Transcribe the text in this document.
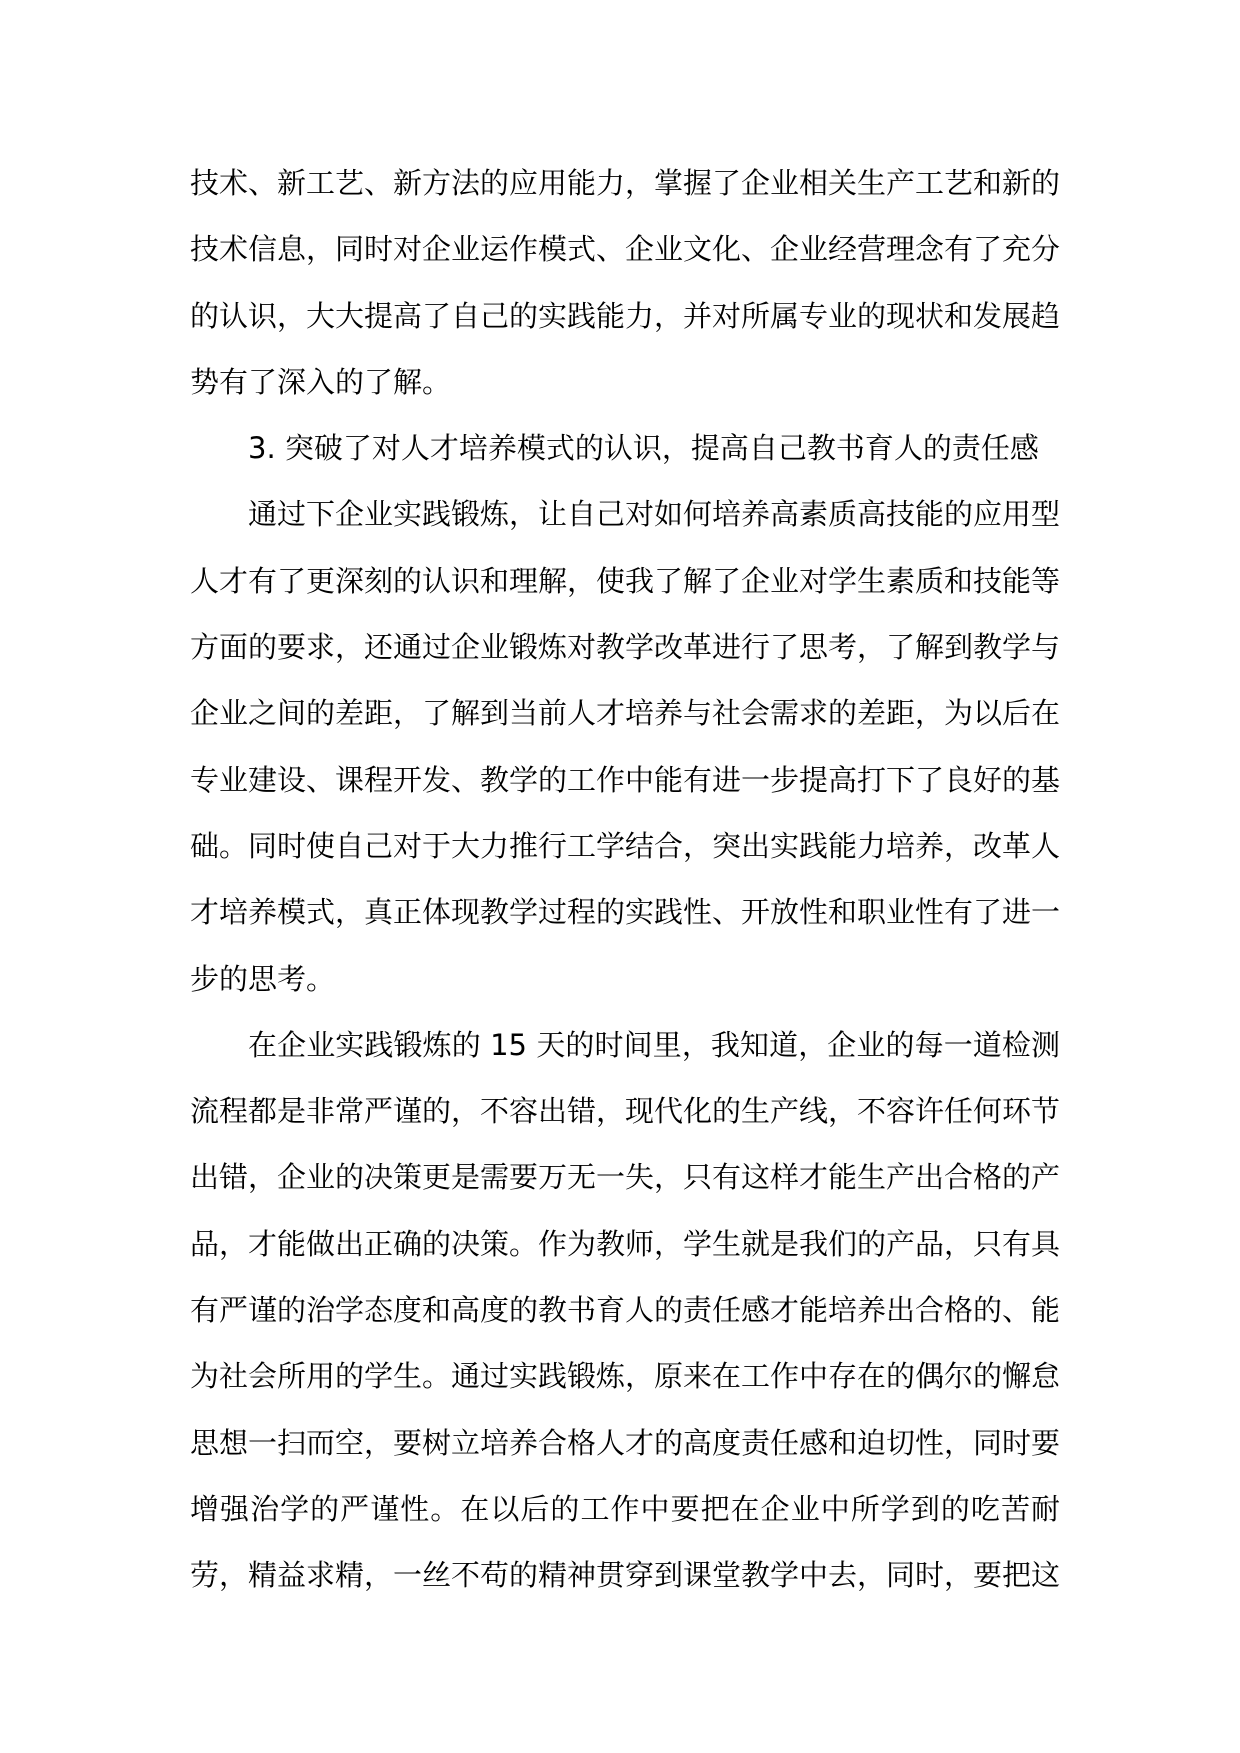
技术、新工艺、新方法的应用能力，掌握了企业相关生产工艺和新的
技术信息，同时对企业运作模式、企业文化、企业经营理念有了充分
的认识，大大提高了自己的实践能力，并对所属专业的现状和发展趋
势有了深入的了解。
3. 突破了对人才培养模式的认识，提高自己教书育人的责任感
通过下企业实践锻炼，让自己对如何培养高素质高技能的应用型
人才有了更深刻的认识和理解，使我了解了企业对学生素质和技能等
方面的要求，还通过企业锻炼对教学改革进行了思考，了解到教学与
企业之间的差距，了解到当前人才培养与社会需求的差距，为以后在
专业建设、课程开发、教学的工作中能有进一步提高打下了良好的基
础。同时使自己对于大力推行工学结合，突出实践能力培养，改革人
才培养模式，真正体现教学过程的实践性、开放性和职业性有了进一
步的思考。
在企业实践锻炼的 15 天的时间里，我知道，企业的每一道检测
流程都是非常严谨的，不容出错，现代化的生产线，不容许任何环节
出错，企业的决策更是需要万无一失，只有这样才能生产出合格的产
品，才能做出正确的决策。作为教师，学生就是我们的产品，只有具
有严谨的治学态度和高度的教书育人的责任感才能培养出合格的、能
为社会所用的学生。通过实践锻炼，原来在工作中存在的偶尔的懈怠
思想一扫而空，要树立培养合格人才的高度责任感和迫切性，同时要
增强治学的严谨性。在以后的工作中要把在企业中所学到的吃苦耐
劳，精益求精，一丝不苟的精神贯穿到课堂教学中去，同时，要把这
